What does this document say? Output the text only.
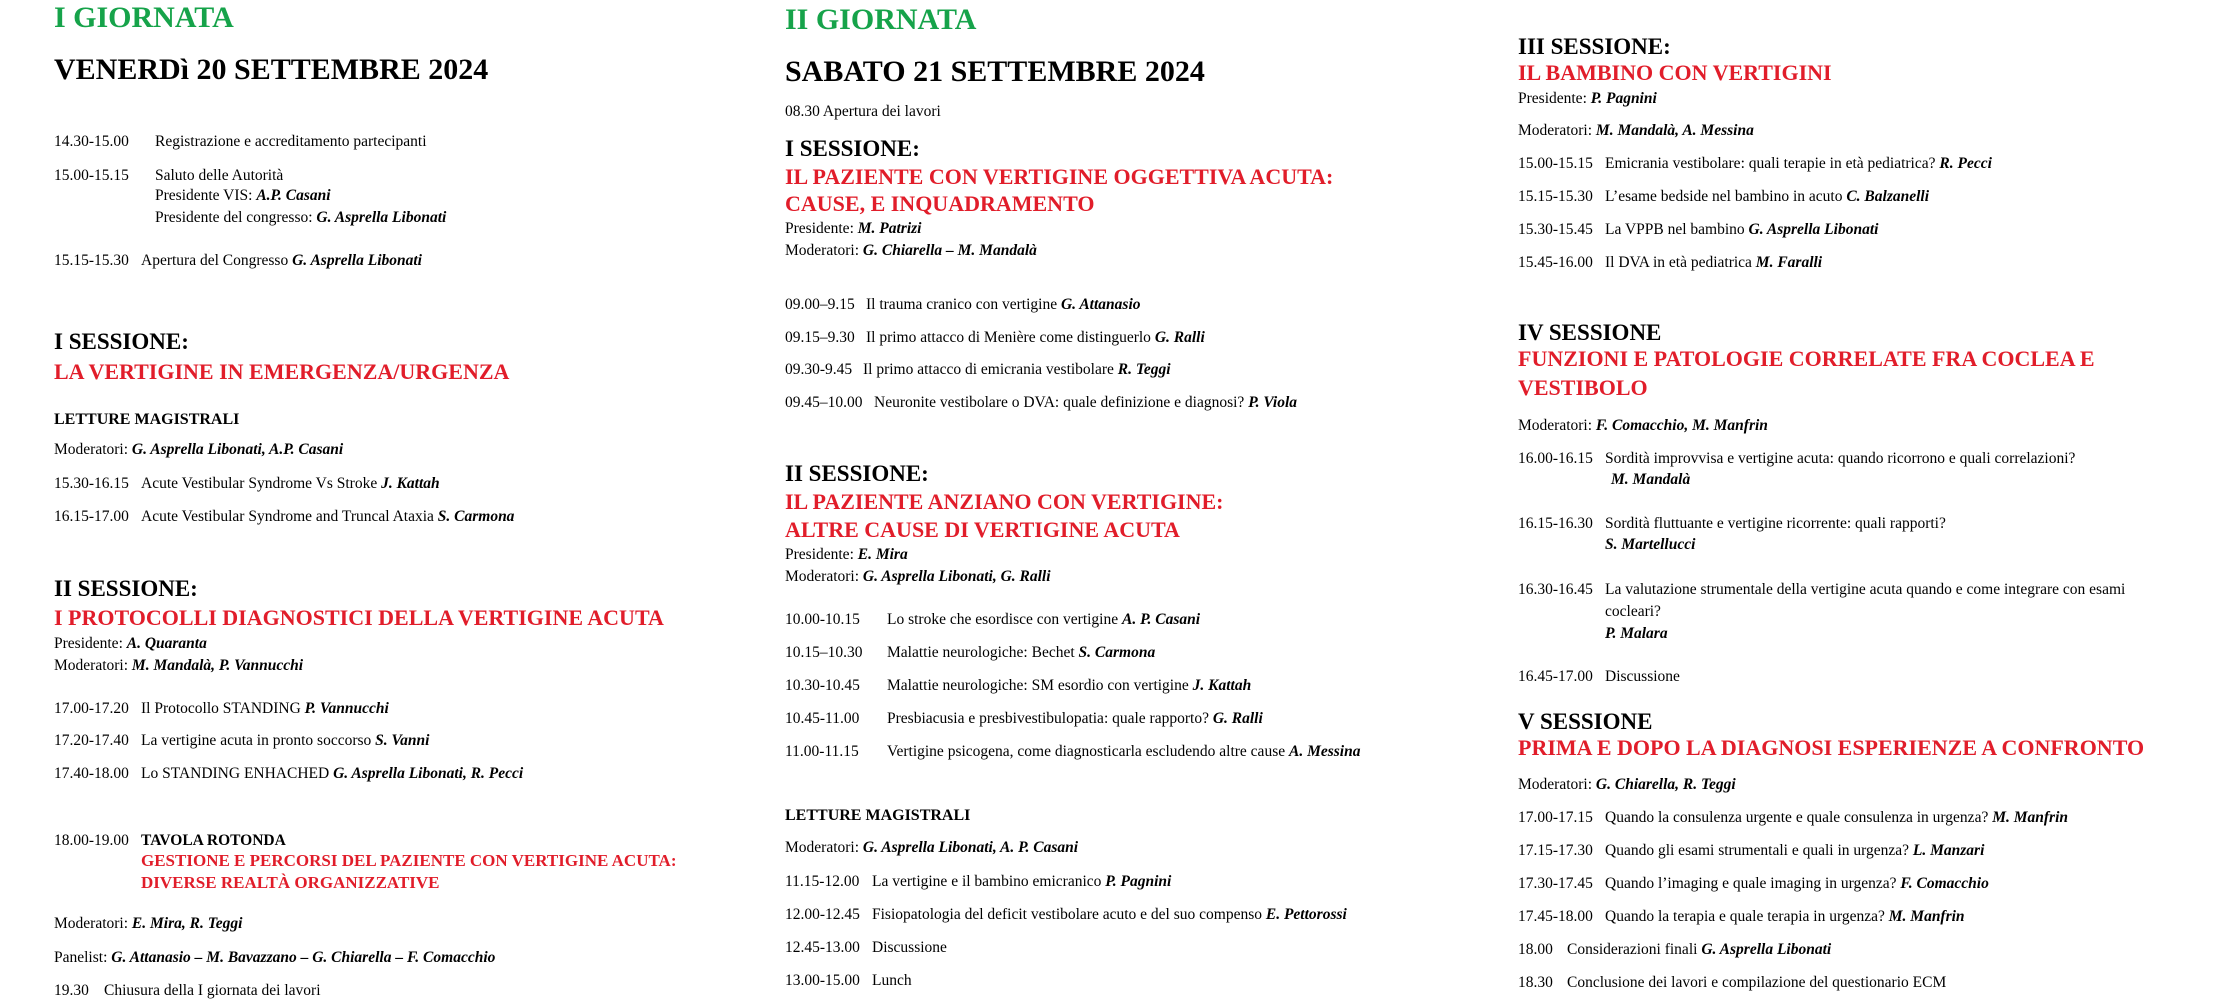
I GIORNATA
VENERDì 20 SETTEMBRE 2024
14.30-15.00 Registrazione e accreditamento partecipanti
15.00-15.15 Saluto delle Autorità
Presidente VIS: A.P. Casani
Presidente del congresso: G. Asprella Libonati
15.15-15.30 Apertura del Congresso G. Asprella Libonati
I SESSIONE:
LA VERTIGINE IN EMERGENZA/URGENZA
LETTURE MAGISTRALI
Moderatori: G. Asprella Libonati, A.P. Casani
15.30-16.15 Acute Vestibular Syndrome Vs Stroke J. Kattah
16.15-17.00 Acute Vestibular Syndrome and Truncal Ataxia S. Carmona
II SESSIONE:
I PROTOCOLLI DIAGNOSTICI DELLA VERTIGINE ACUTA
Presidente: A. Quaranta
Moderatori: M. Mandalà, P. Vannucchi
17.00-17.20 Il Protocollo STANDING P. Vannucchi
17.20-17.40 La vertigine acuta in pronto soccorso S. Vanni
17.40-18.00 Lo STANDING ENHACHED G. Asprella Libonati, R. Pecci
18.00-19.00 TAVOLA ROTONDA
GESTIONE E PERCORSI DEL PAZIENTE CON VERTIGINE ACUTA:
DIVERSE REALTÀ ORGANIZZATIVE
Moderatori: E. Mira, R. Teggi
Panelist: G. Attanasio – M. Bavazzano – G. Chiarella – F. Comacchio
19.30 Chiusura della I giornata dei lavori
II GIORNATA
SABATO 21 SETTEMBRE 2024
08.30 Apertura dei lavori
I SESSIONE:
IL PAZIENTE CON VERTIGINE OGGETTIVA ACUTA:
CAUSE, E INQUADRAMENTO
Presidente: M. Patrizi
Moderatori: G. Chiarella – M. Mandalà
09.00–9.15 Il trauma cranico con vertigine G. Attanasio
09.15–9.30 Il primo attacco di Menière come distinguerlo G. Ralli
09.30-9.45 Il primo attacco di emicrania vestibolare R. Teggi
09.45–10.00 Neuronite vestibolare o DVA: quale definizione e diagnosi? P. Viola
II SESSIONE:
IL PAZIENTE ANZIANO CON VERTIGINE:
ALTRE CAUSE DI VERTIGINE ACUTA
Presidente: E. Mira
Moderatori: G. Asprella Libonati, G. Ralli
10.00-10.15 Lo stroke che esordisce con vertigine A. P. Casani
10.15–10.30 Malattie neurologiche: Bechet S. Carmona
10.30-10.45 Malattie neurologiche: SM esordio con vertigine J. Kattah
10.45-11.00 Presbiacusia e presbivestibulopatia: quale rapporto? G. Ralli
11.00-11.15 Vertigine psicogena, come diagnosticarla escludendo altre cause A. Messina
LETTURE MAGISTRALI
Moderatori: G. Asprella Libonati, A. P. Casani
11.15-12.00 La vertigine e il bambino emicranico P. Pagnini
12.00-12.45 Fisiopatologia del deficit vestibolare acuto e del suo compenso E. Pettorossi
12.45-13.00 Discussione
13.00-15.00 Lunch
III SESSIONE:
IL BAMBINO CON VERTIGINI
Presidente: P. Pagnini
Moderatori: M. Mandalà, A. Messina
15.00-15.15 Emicrania vestibolare: quali terapie in età pediatrica? R. Pecci
15.15-15.30 L’esame bedside nel bambino in acuto C. Balzanelli
15.30-15.45 La VPPB nel bambino G. Asprella Libonati
15.45-16.00 Il DVA in età pediatrica M. Faralli
IV SESSIONE
FUNZIONI E PATOLOGIE CORRELATE FRA COCLEA E
VESTIBOLO
Moderatori: F. Comacchio, M. Manfrin
16.00-16.15 Sordità improvvisa e vertigine acuta: quando ricorrono e quali correlazioni?
M. Mandalà
16.15-16.30 Sordità fluttuante e vertigine ricorrente: quali rapporti?
S. Martellucci
16.30-16.45 La valutazione strumentale della vertigine acuta quando e come integrare con esami
cocleari?
P. Malara
16.45-17.00 Discussione
V SESSIONE
PRIMA E DOPO LA DIAGNOSI ESPERIENZE A CONFRONTO
Moderatori: G. Chiarella, R. Teggi
17.00-17.15 Quando la consulenza urgente e quale consulenza in urgenza? M. Manfrin
17.15-17.30 Quando gli esami strumentali e quali in urgenza? L. Manzari
17.30-17.45 Quando l’imaging e quale imaging in urgenza? F. Comacchio
17.45-18.00 Quando la terapia e quale terapia in urgenza? M. Manfrin
18.00 Considerazioni finali G. Asprella Libonati
18.30 Conclusione dei lavori e compilazione del questionario ECM
